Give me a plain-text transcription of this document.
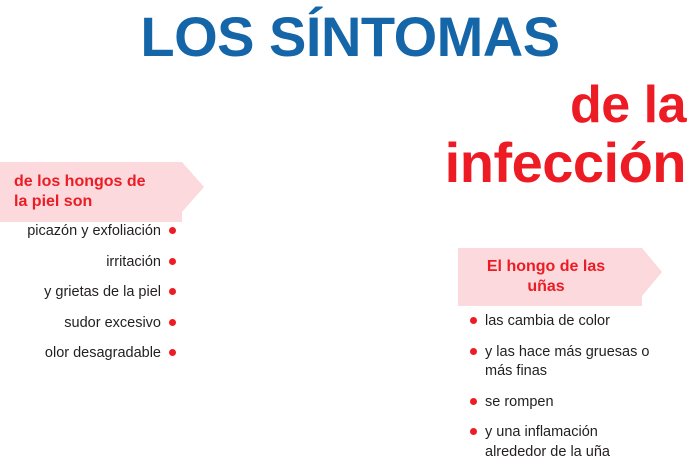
LOS SÍNTOMAS
de la
infección
de los hongos de la piel son
picazón y exfoliación
irritación
y grietas de la piel
sudor excesivo
olor desagradable
El hongo de las uñas
las cambia de color
y las hace más gruesas o más finas
se rompen
y una inflamación alrededor de la uña
